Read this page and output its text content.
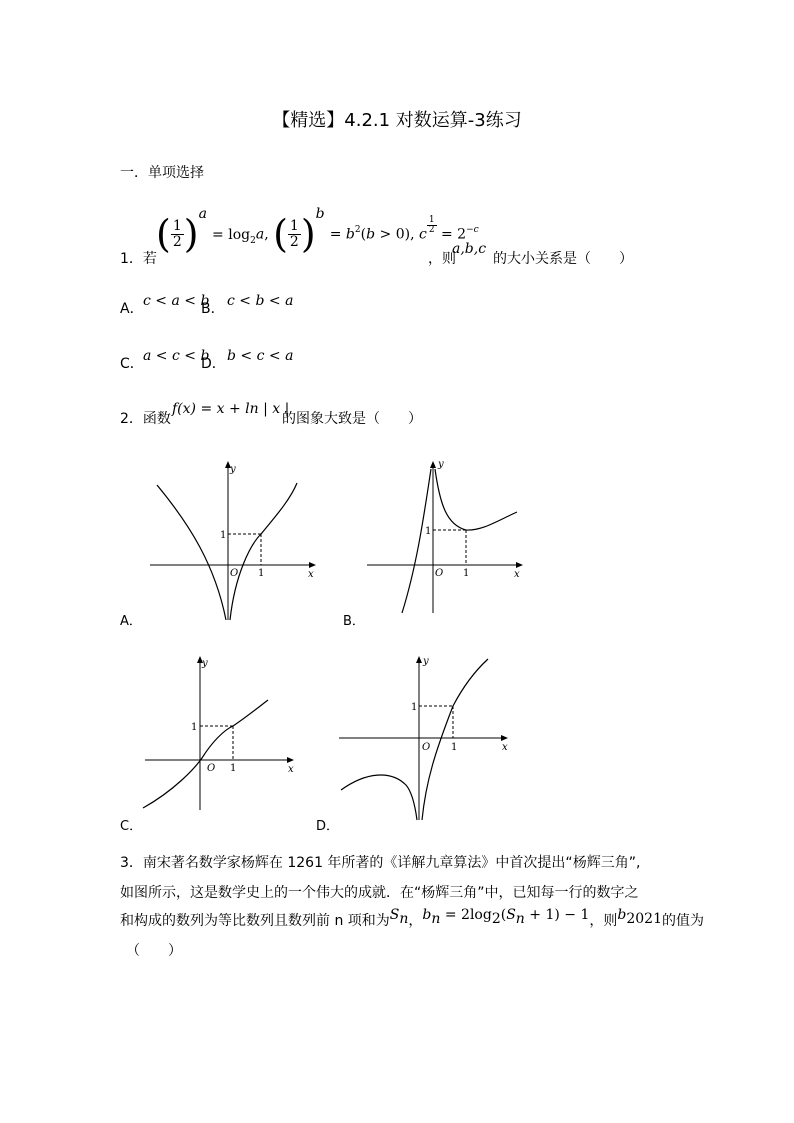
【精选】4.2.1 对数运算-3练习
一．单项选择
1．若
( $\frac{1}{2} )^a = \log_2a$, ( $\frac{1}{2} )^b = b^2(b > 0)$, c $^{\frac{1}{2}} = 2^{-c}$
，则
a,b,c
的大小关系是（　　）
A． c < a < b
B． c < b < a
C． a < c < b
D． b < c < a
2．函数
f(x) = x + ln | x |
的图象大致是（　　）
y
x
O
1
1
A．
y
x
O
1
1
B．
y
x
O
1
1
C．
y
x
O
1
1
D．
3．南宋著名数学家杨辉在 1261 年所著的《详解九章算法》中首次提出“杨辉三角”,
如图所示，这是数学史上的一个伟大的成就．在“杨辉三角”中，已知每一行的数字之
和构成的数列为等比数列且数列前 n 项和为$S_n$，$b_n = 2\log_2(S_n + 1) - 1$，则$b_{2021}$的值为
（　　）
